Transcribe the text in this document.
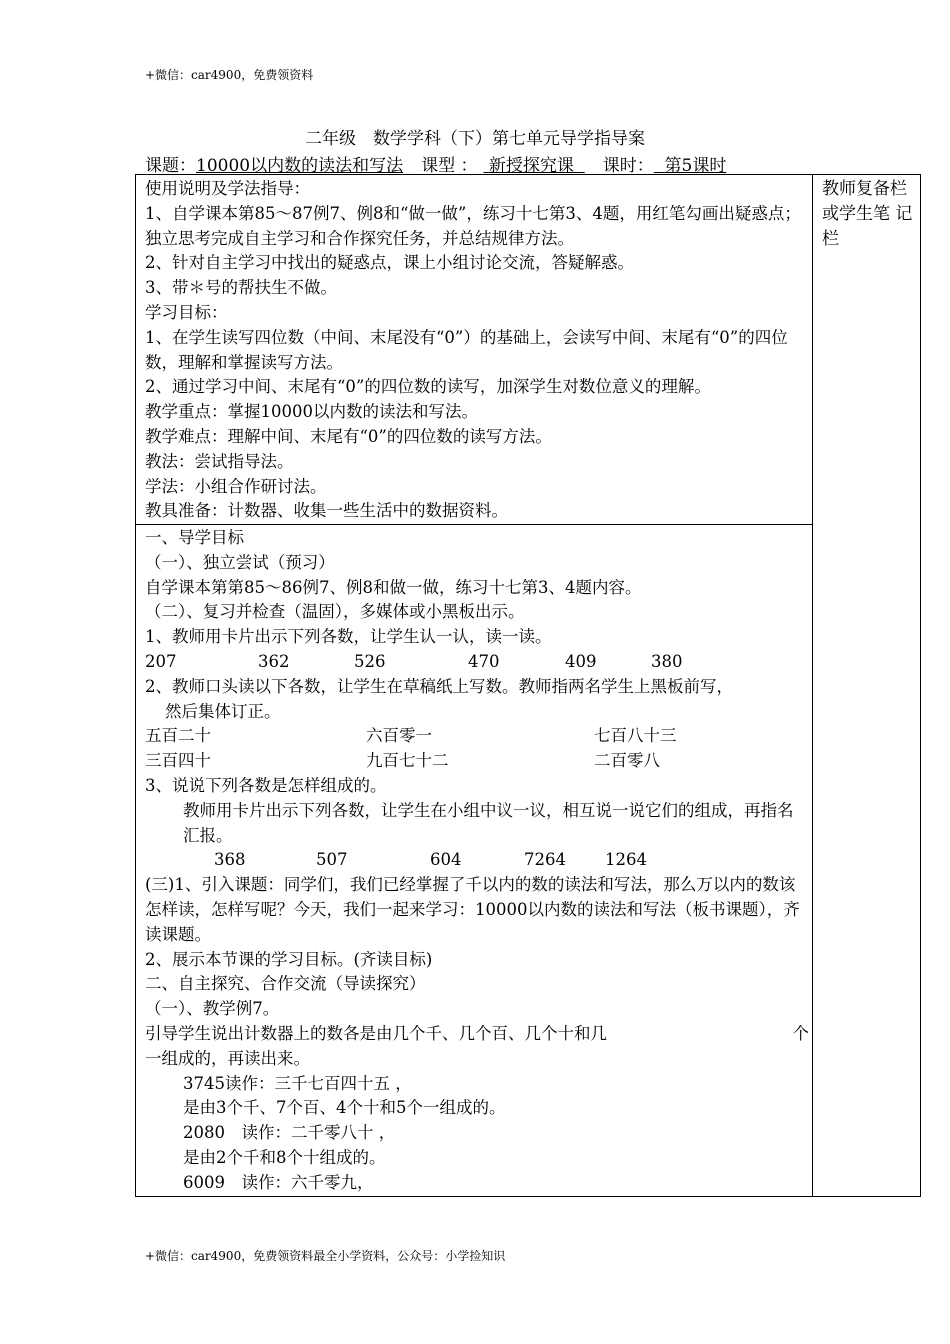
+微信：car4900，免费领资料
二年级　数学学科（下）第七单元导学指导案
课题：10000以内数的读法和写法 课型 ： 新授探究课 课时： 第5课时
教师复备栏或学生笔 记 栏

使用说明及学法指导：

1、自学课本第85～87例7、例8和“做一做”，练习十七第3、4题，用红笔勾画出疑惑点；独立思考完成自主学习和合作探究任务，并总结规律方法。

2、针对自主学习中找出的疑惑点，课上小组讨论交流，答疑解惑。

3、带＊号的帮扶生不做。

学习目标：

1、在学生读写四位数（中间、末尾没有“0”）的基础上，会读写中间、末尾有“0”的四位数，理解和掌握读写方法。

2、通过学习中间、末尾有“0”的四位数的读写，加深学生对数位意义的理解。

教学重点：掌握10000以内数的读法和写法。

教学难点：理解中间、末尾有“0”的四位数的读写方法。

教法：尝试指导法。

学法：小组合作研讨法。

教具准备：计数器、收集一些生活中的数据资料。

一、导学目标

（一）、独立尝试（预习）

自学课本第第85～86例7、例8和做一做，练习十七第3、4题内容。

（二）、复习并检查（温固），多媒体或小黑板出示。

1、教师用卡片出示下列各数，让学生认一认，读一读。

207	362	526	470	409	380

2、教师口头读以下各数，让学生在草稿纸上写数。教师指两名学生上黑板前写，

然后集体订正。

五百二十	六百零一	七百八十三
三百四十	九百七十二	二百零八

3、说说下列各数是怎样组成的。

教师用卡片出示下列各数，让学生在小组中议一议，相互说一说它们的组成，再指名汇报。

368	507	604	7264	1264

(三)1、引入课题：同学们，我们已经掌握了千以内的数的读法和写法，那么万以内的数该怎样读，怎样写呢？今天，我们一起来学习：10000以内数的读法和写法（板书课题），齐读课题。

2、展示本节课的学习目标。(齐读目标)

二、自主探究、合作交流（导读探究）

（一）、教学例7。

引导学生说出计数器上的数各是由几个千、几个百、几个十和几	个

一组成的，再读出来。

3745读作：三千七百四十五 ，

是由3个千、7个百、4个十和5个一组成的。

2080　读作：二千零八十 ，

是由2个千和8个十组成的。

6009　读作：六千零九，

+微信：car4900，免费领资料最全小学资料，公众号：小学捡知识
